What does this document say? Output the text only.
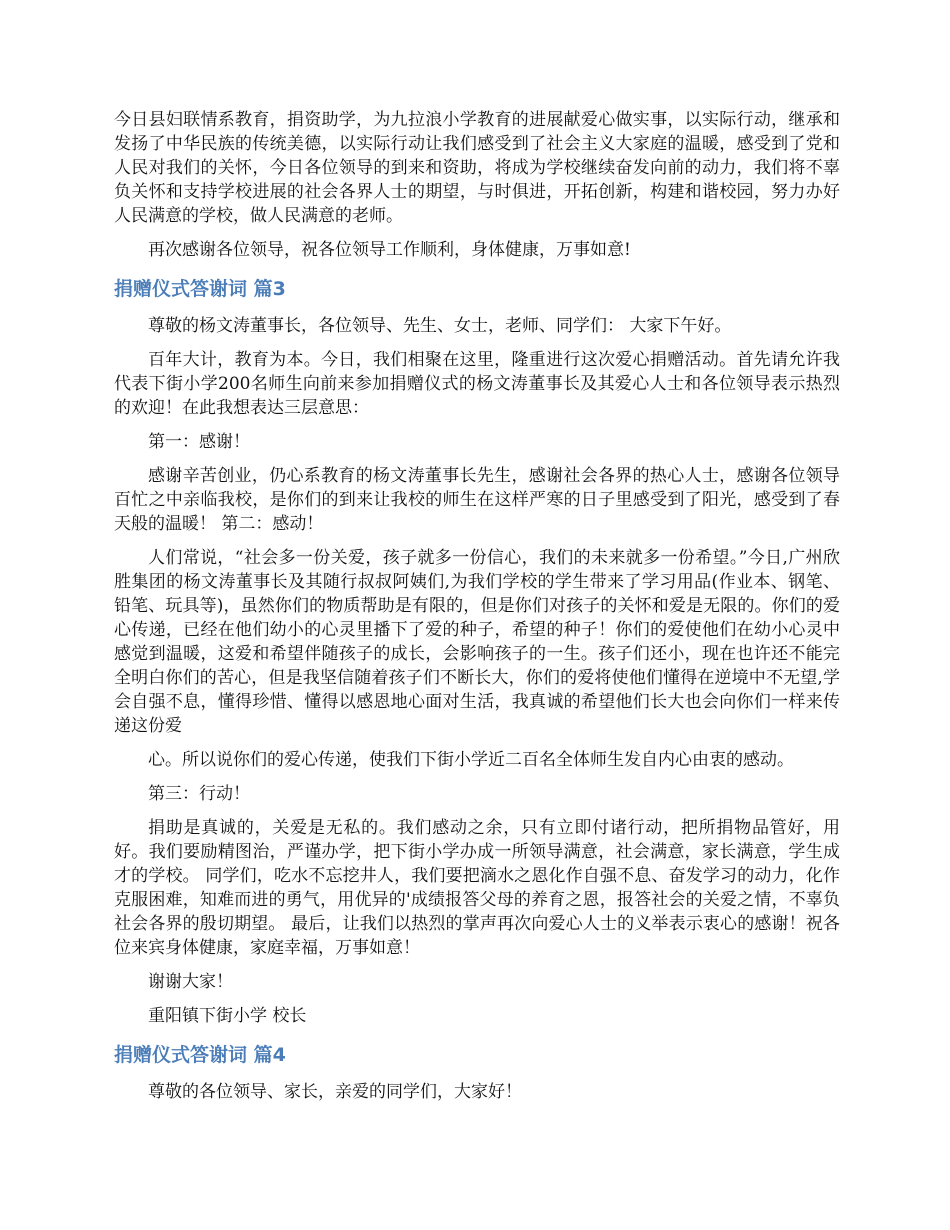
今日县妇联情系教育，捐资助学，为九拉浪小学教育的进展献爱心做实事，以实际行动，继承和发扬了中华民族的传统美德，以实际行动让我们感受到了社会主义大家庭的温暖，感受到了党和人民对我们的关怀，今日各位领导的到来和资助，将成为学校继续奋发向前的动力，我们将不辜负关怀和支持学校进展的社会各界人士的期望，与时俱进，开拓创新，构建和谐校园，努力办好人民满意的学校，做人民满意的老师。

再次感谢各位领导，祝各位领导工作顺利，身体健康，万事如意!

捐赠仪式答谢词 篇3

尊敬的杨文涛董事长，各位领导、先生、女士，老师、同学们： 大家下午好。

百年大计，教育为本。今日，我们相聚在这里，隆重进行这次爱心捐赠活动。首先请允许我代表下街小学200名师生向前来参加捐赠仪式的杨文涛董事长及其爱心人士和各位领导表示热烈的欢迎！在此我想表达三层意思：

第一：感谢！

感谢辛苦创业，仍心系教育的杨文涛董事长先生，感谢社会各界的热心人士，感谢各位领导百忙之中亲临我校，是你们的到来让我校的师生在这样严寒的日子里感受到了阳光，感受到了春天般的温暖！ 第二：感动！

人们常说，“社会多一份关爱，孩子就多一份信心，我们的未来就多一份希望。”今日,广州欣胜集团的杨文涛董事长及其随行叔叔阿姨们,为我们学校的学生带来了学习用品(作业本、钢笔、铅笔、玩具等)，虽然你们的物质帮助是有限的，但是你们对孩子的关怀和爱是无限的。你们的爱心传递，已经在他们幼小的心灵里播下了爱的种子，希望的种子！你们的爱使他们在幼小心灵中感觉到温暖，这爱和希望伴随孩子的成长，会影响孩子的一生。孩子们还小，现在也许还不能完全明白你们的苦心，但是我坚信随着孩子们不断长大，你们的爱将使他们懂得在逆境中不无望,学会自强不息，懂得珍惜、懂得以感恩地心面对生活，我真诚的希望他们长大也会向你们一样来传递这份爱

心。所以说你们的爱心传递，使我们下街小学近二百名全体师生发自内心由衷的感动。

第三：行动！

捐助是真诚的，关爱是无私的。我们感动之余，只有立即付诸行动，把所捐物品管好，用好。我们要励精图治，严谨办学，把下街小学办成一所领导满意，社会满意，家长满意，学生成才的学校。 同学们，吃水不忘挖井人，我们要把滴水之恩化作自强不息、奋发学习的动力，化作克服困难，知难而进的勇气，用优异的'成绩报答父母的养育之恩，报答社会的关爱之情，不辜负社会各界的殷切期望。 最后，让我们以热烈的掌声再次向爱心人士的义举表示衷心的感谢！祝各位来宾身体健康，家庭幸福，万事如意！

谢谢大家！

重阳镇下街小学 校长

捐赠仪式答谢词 篇4

尊敬的各位领导、家长，亲爱的同学们，大家好！
